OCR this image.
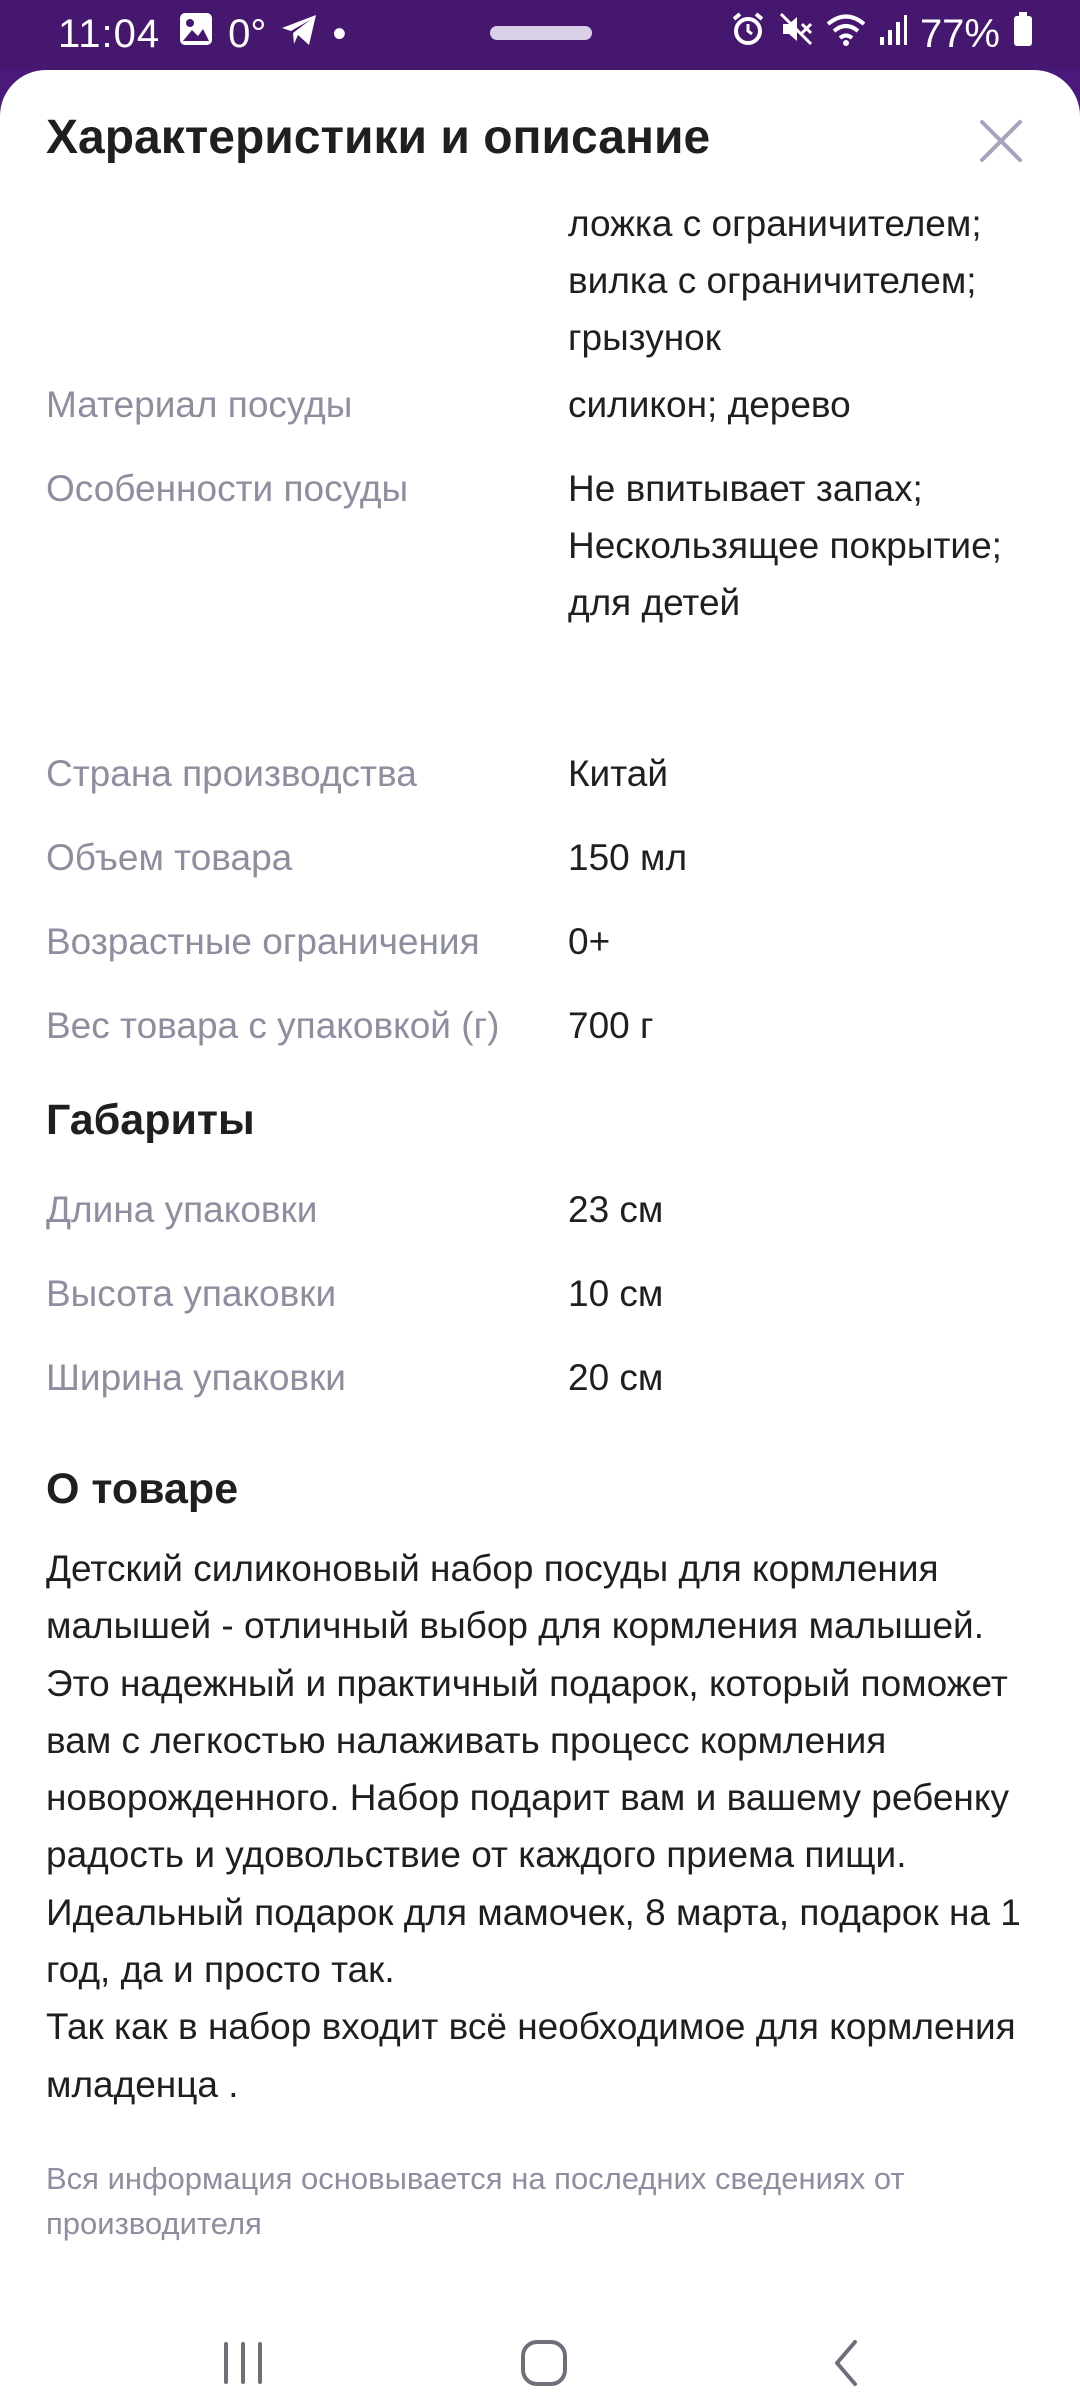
11:04 0° •	77%
Характеристики и описание
ложка с ограничителем;
вилка с ограничителем;
грызунок
Материал посуды	силикон; дерево
Особенности посуды	Не впитывает запах;
Нескользящее покрытие;
для детей
Страна производства	Китай
Объем товара	150 мл
Возрастные ограничения	0+
Вес товара с упаковкой (г)	700 г
Габариты
Длина упаковки	23 см
Высота упаковки	10 см
Ширина упаковки	20 см
О товаре
Детский силиконовый набор посуды для кормления малышей - отличный выбор для кормления малышей. Это надежный и практичный подарок, который поможет вам с легкостью налаживать процесс кормления новорожденного. Набор подарит вам и вашему ребенку радость и удовольствие от каждого приема пищи. Идеальный подарок для мамочек, 8 марта, подарок на 1 год, да и просто так.
Так как в набор входит всё необходимое для кормления младенца .
Вся информация основывается на последних сведениях от производителя
